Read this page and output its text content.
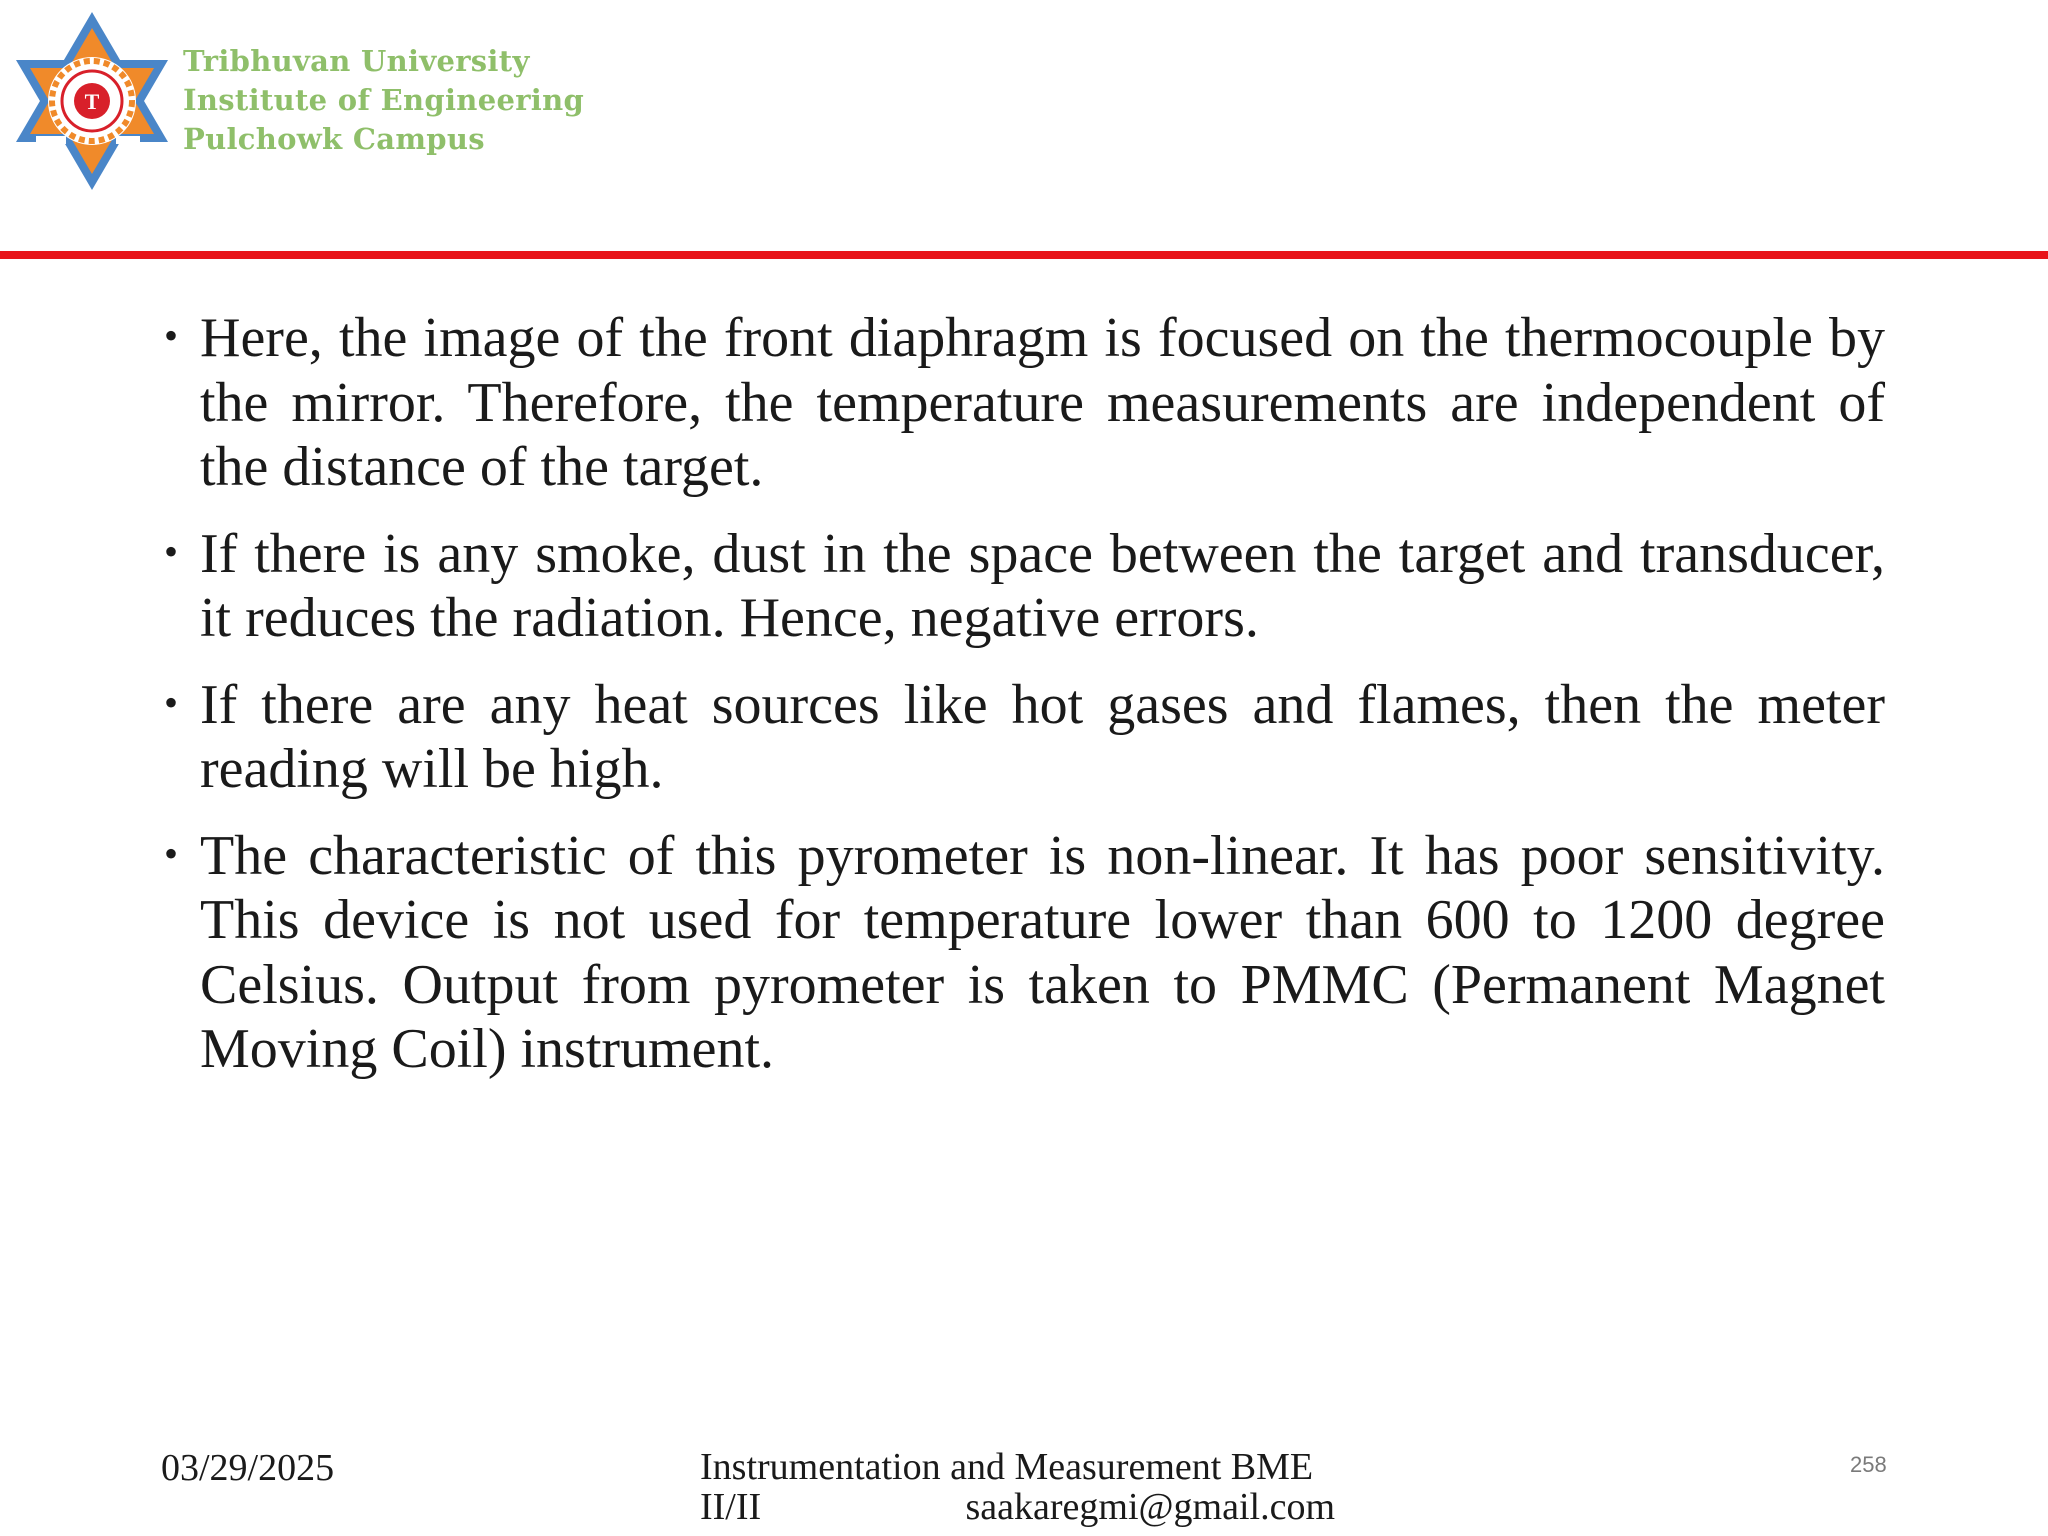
T
Tribhuvan University
Institute of Engineering
Pulchowk Campus
• Here, the image of the front diaphragm is focused on the thermocouple by the mirror. Therefore, the temperature measurements are independent of the distance of the target.
• If there is any smoke, dust in the space between the target and transducer, it reduces the radiation. Hence, negative errors.
• If there are any heat sources like hot gases and flames, then the meter reading will be high.
• The characteristic of this pyrometer is non-linear. It has poor sensitivity. This device is not used for temperature lower than 600 to 1200 degree Celsius. Output from pyrometer is taken to PMMC (Permanent Magnet Moving Coil) instrument.
03/29/2025	Instrumentation and Measurement BME
II/II	saakaregmi@gmail.com
258
